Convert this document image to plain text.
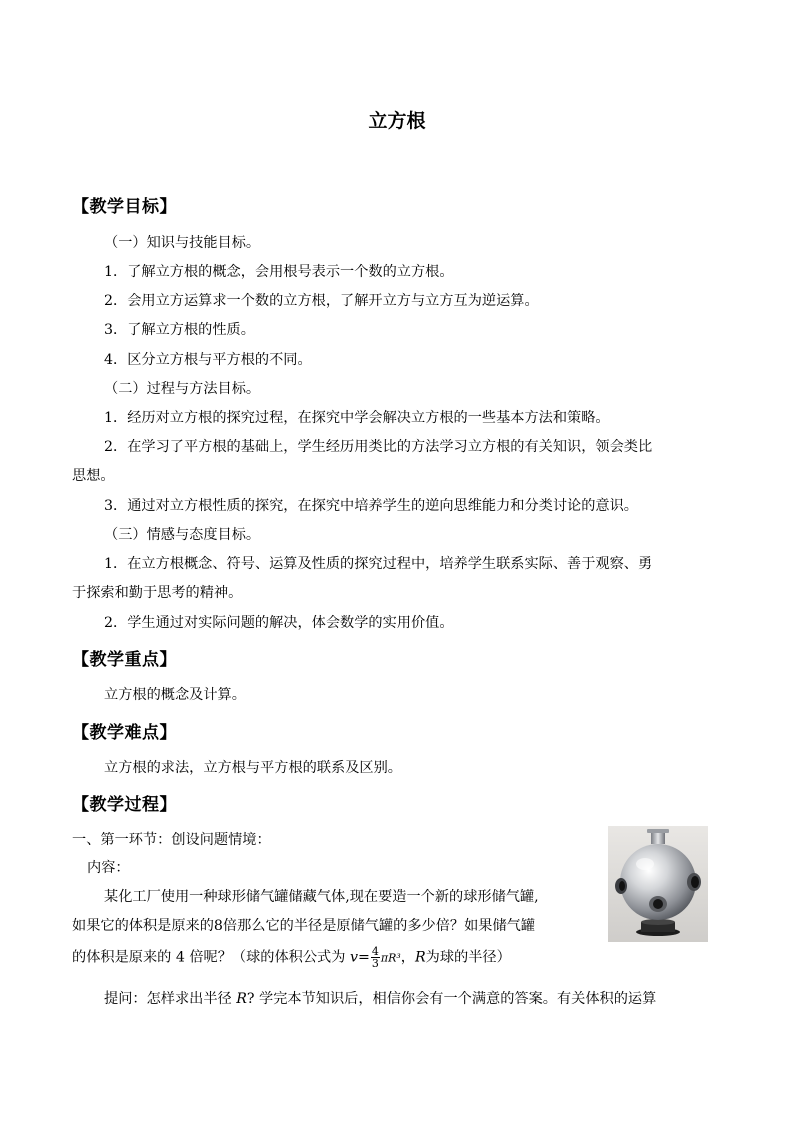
立方根
【教学目标】
（一）知识与技能目标。
1．了解立方根的概念，会用根号表示一个数的立方根。
2．会用立方运算求一个数的立方根，了解开立方与立方互为逆运算。
3．了解立方根的性质。
4．区分立方根与平方根的不同。
（二）过程与方法目标。
1．经历对立方根的探究过程，在探究中学会解决立方根的一些基本方法和策略。
2．在学习了平方根的基础上，学生经历用类比的方法学习立方根的有关知识，领会类比
思想。
3．通过对立方根性质的探究，在探究中培养学生的逆向思维能力和分类讨论的意识。
（三）情感与态度目标。
1．在立方根概念、符号、运算及性质的探究过程中，培养学生联系实际、善于观察、勇
于探索和勤于思考的精神。
2．学生通过对实际问题的解决，体会数学的实用价值。
【教学重点】
立方根的概念及计算。
【教学难点】
立方根的求法，立方根与平方根的联系及区别。
【教学过程】
一、第一环节：创设问题情境：
内容：
某化工厂使用一种球形储气罐储藏气体,现在要造一个新的球形储气罐,
如果它的体积是原来的8倍那么它的半径是原储气罐的多少倍？如果储气罐
的体积是原来的 4 倍呢？（球的体积公式为 $v= \frac{4}{3} \pi R^3$，R为球的半径）
提问：怎样求出半径 R? 学完本节知识后，相信你会有一个满意的答案。有关体积的运算
